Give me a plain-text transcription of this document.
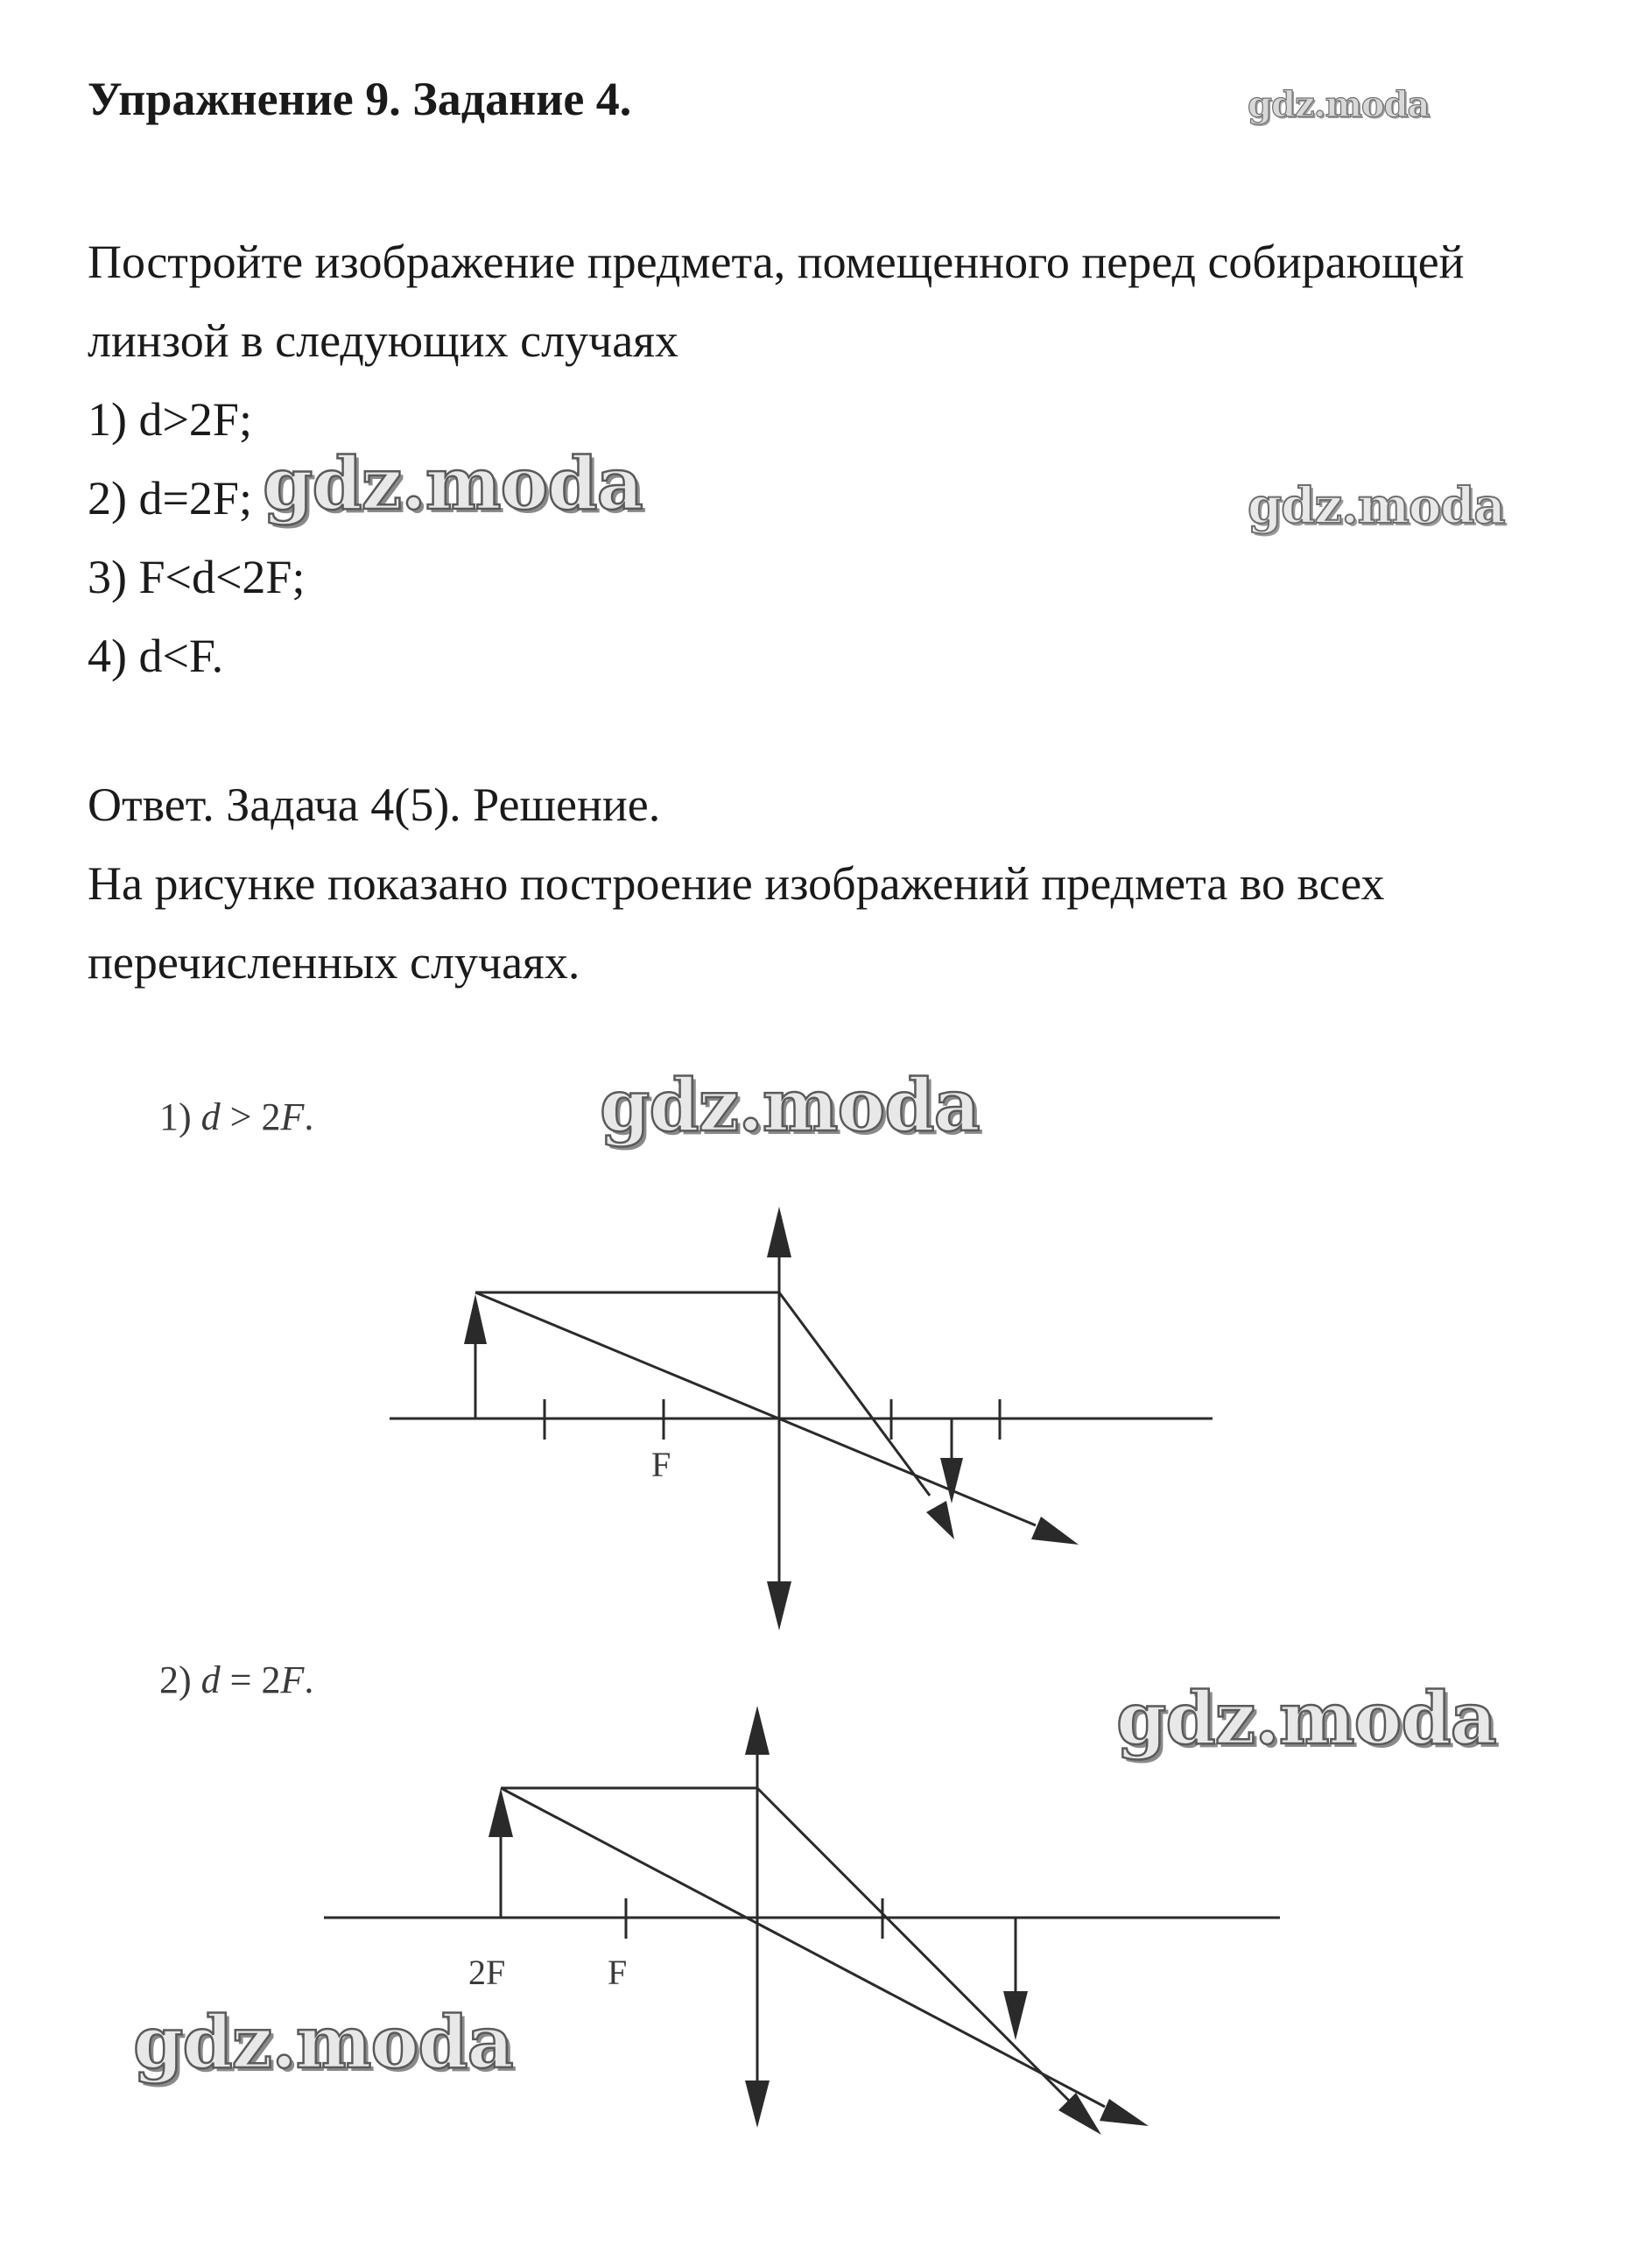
Упражнение 9. Задание 4.

Постройте изображение предмета, помещенного перед собирающей

линзой в следующих случаях

1) d>2F;

2) d=2F;

3) F<d<2F;

4) d<F.

Ответ. Задача 4(5). Решение.

На рисунке показано построение изображений предмета во всех

перечисленных случаях.

1) d > 2F.
2) d = 2F.
F
2F	F
gdz.moda
gdz.moda	gdz.moda
gdz.moda
gdz.moda
gdz.moda
